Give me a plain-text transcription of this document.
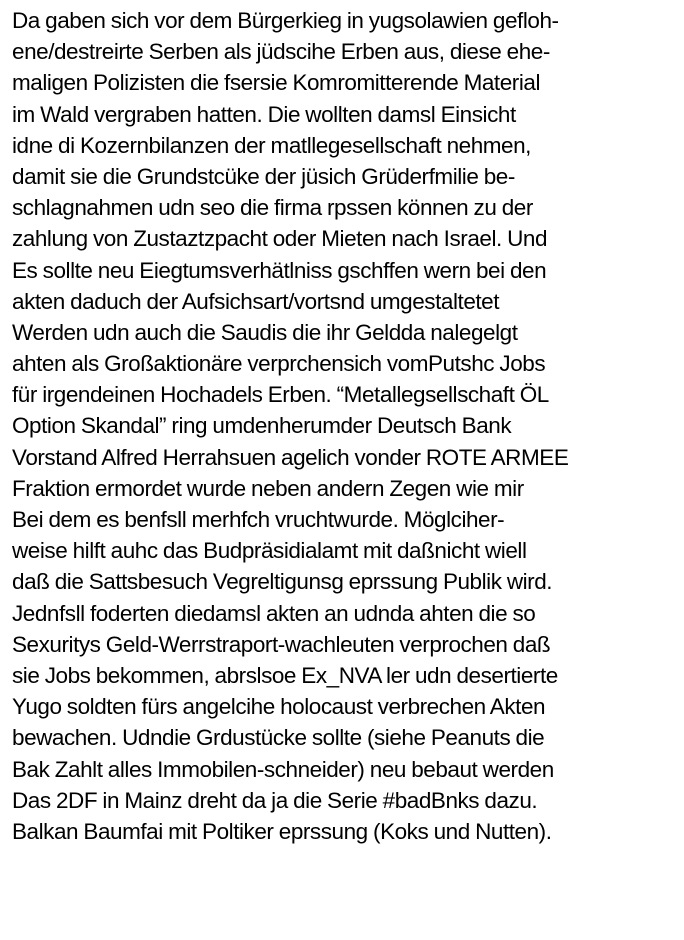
Da gaben sich vor dem Bürgerkieg in yugsolawien gefloh-
ene/destreirte Serben als jüdscihe Erben aus, diese ehe-
maligen Polizisten die fsersie Komromitterende Material
im Wald vergraben hatten. Die wollten damsl Einsicht
idne di Kozernbilanzen der matllegesellschaft nehmen,
damit sie die Grundstcüke der jüsich Grüderfmilie be-
schlagnahmen udn seo die firma rpssen können zu der
zahlung von Zustaztzpacht oder Mieten nach Israel. Und
Es sollte neu Eiegtumsverhätlniss gschffen wern bei den
akten daduch der Aufsichsart/vortsnd umgestaltetet
Werden udn auch die Saudis die ihr Geldda nalegelgt
ahten als Großaktionäre verprchensich vomPutshc Jobs
für irgendeinen Hochadels Erben. “Metallegsellschaft ÖL
Option Skandal” ring umdenherumder Deutsch Bank
Vorstand Alfred Herrahsuen agelich vonder ROTE ARMEE
Fraktion ermordet wurde neben andern Zegen wie mir
Bei dem es benfsll merhfch vruchtwurde. Möglciher-
weise hilft auhc das Budpräsidialamt mit daßnicht wiell
daß die Sattsbesuch Vegreltigunsg eprssung Publik wird.
Jednfsll foderten diedamsl akten an udnda ahten die so
Sexuritys Geld-Werrstraport-wachleuten verprochen daß
sie Jobs bekommen, abrslsoe Ex_NVA ler udn desertierte
Yugo soldten fürs angelcihe holocaust verbrechen Akten
bewachen. Udndie Grdustücke sollte (siehe Peanuts die
Bak Zahlt alles Immobilen-schneider) neu bebaut werden
Das 2DF in Mainz dreht da ja die Serie #badBnks dazu.
Balkan Baumfai mit Poltiker eprssung (Koks und Nutten).
